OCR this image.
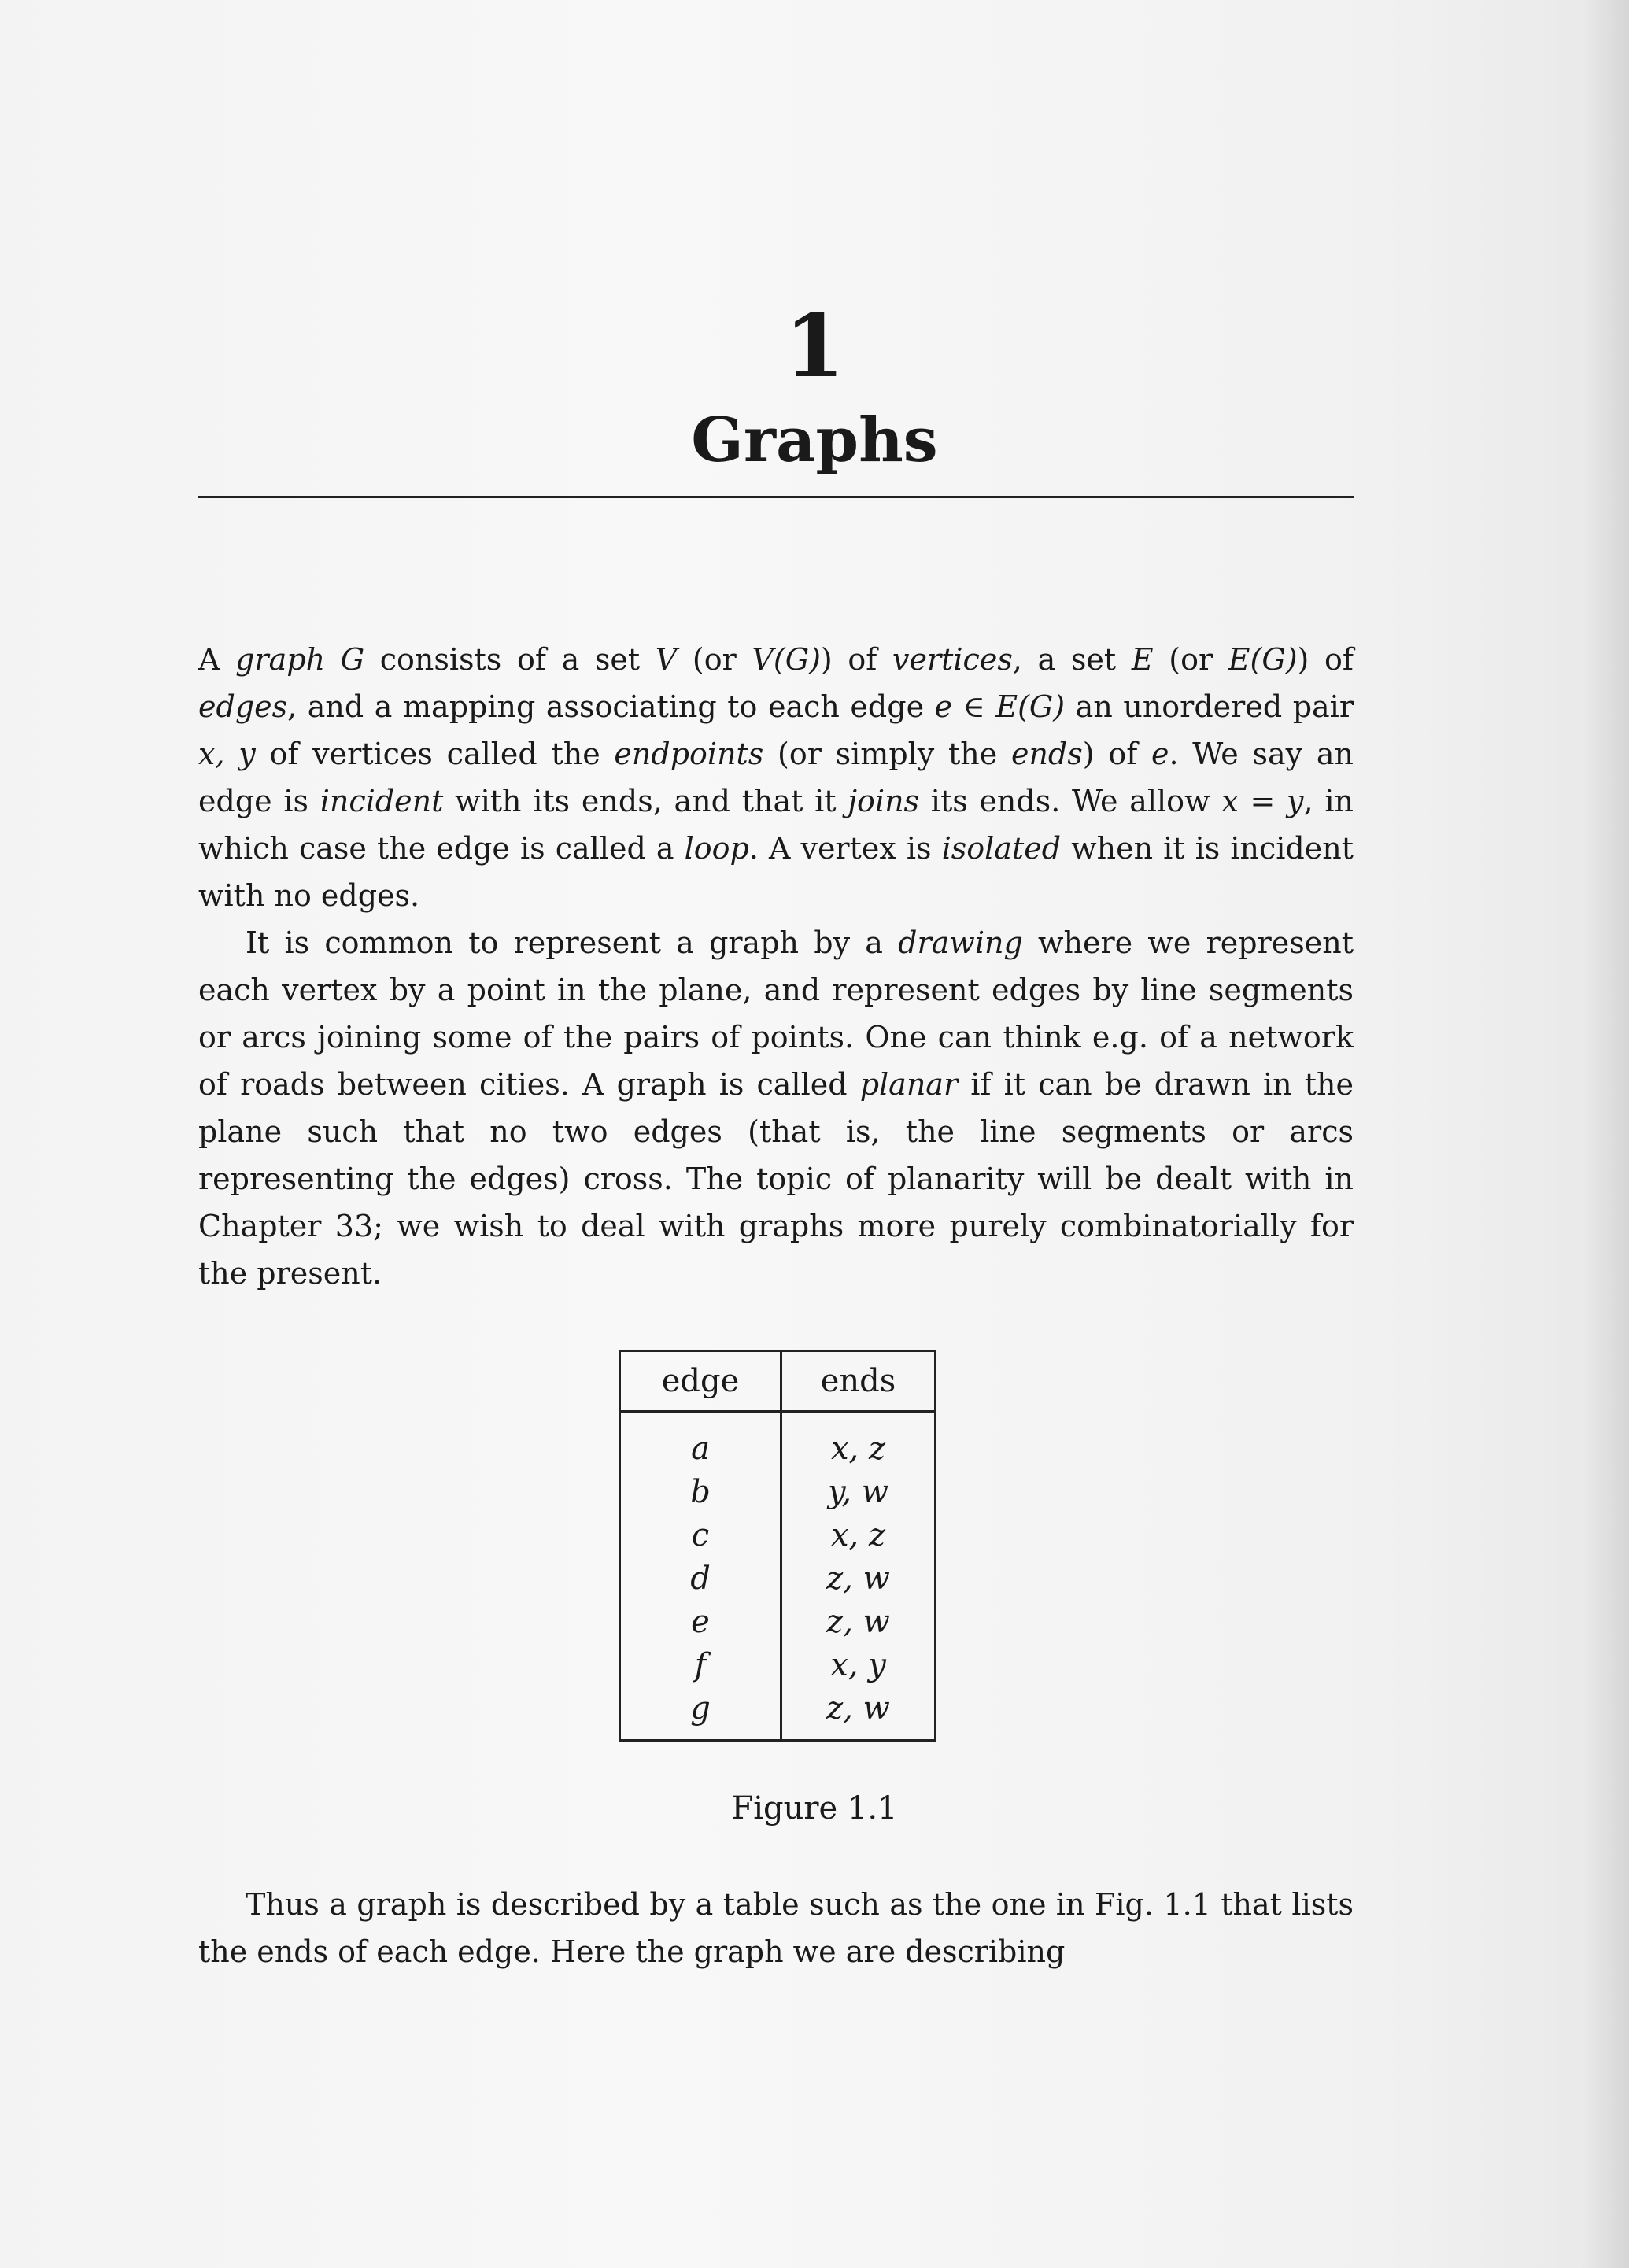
1
Graphs

A graph G consists of a set V (or V(G)) of vertices, a set E (or E(G)) of edges, and a mapping associating to each edge e ∈ E(G) an unordered pair x, y of vertices called the endpoints (or simply the ends) of e. We say an edge is incident with its ends, and that it joins its ends. We allow x = y, in which case the edge is called a loop. A vertex is isolated when it is incident with no edges.

It is common to represent a graph by a drawing where we represent each vertex by a point in the plane, and represent edges by line segments or arcs joining some of the pairs of points. One can think e.g. of a network of roads between cities. A graph is called planar if it can be drawn in the plane such that no two edges (that is, the line segments or arcs representing the edges) cross. The topic of planarity will be dealt with in Chapter 33; we wish to deal with graphs more purely combinatorially for the present.

edge	ends
a	x, z
b	y, w
c	x, z
d	z, w
e	z, w
f	x, y
g	z, w
Figure 1.1

Thus a graph is described by a table such as the one in Fig. 1.1 that lists the ends of each edge. Here the graph we are describing
